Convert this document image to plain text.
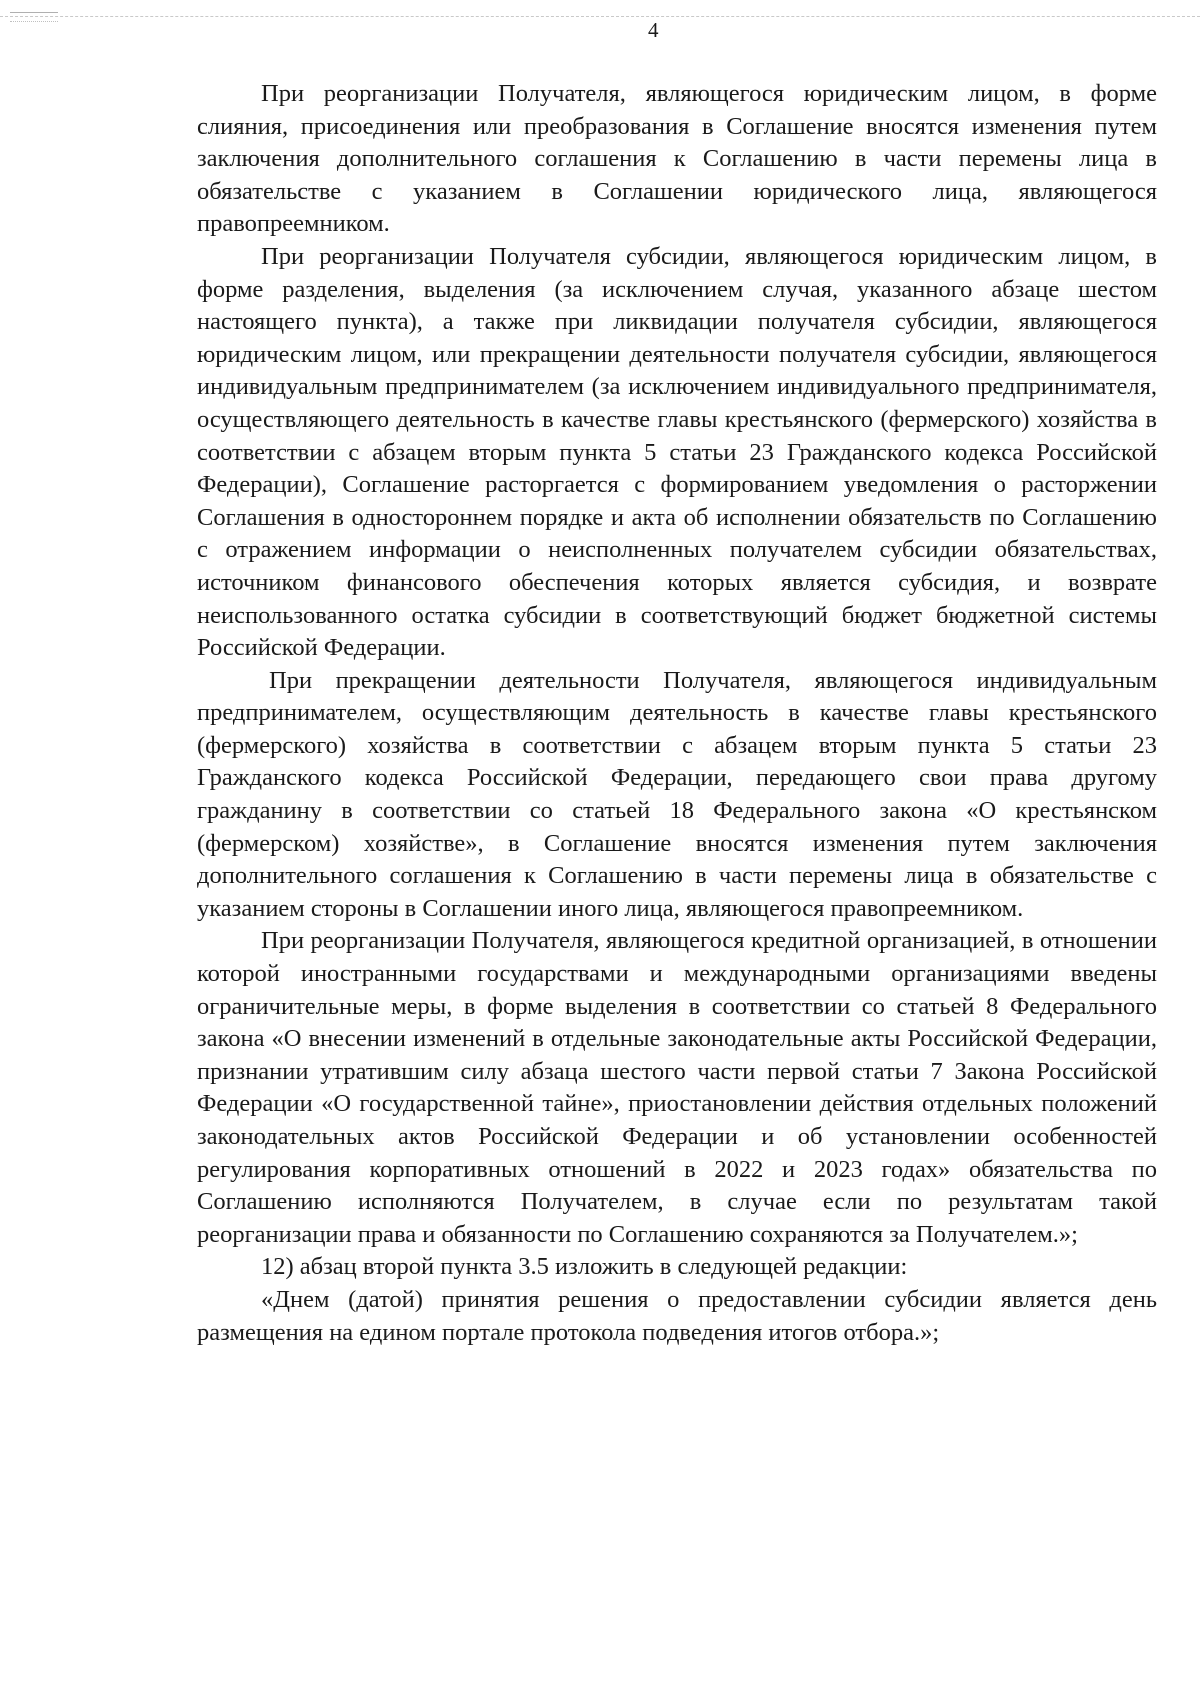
4

При реорганизации Получателя, являющегося юридическим лицом, в форме слияния, присоединения или преобразования в Соглашение вносятся изменения путем заключения дополнительного соглашения к Соглашению в части перемены лица в обязательстве с указанием в Соглашении юридического лица, являющегося правопреемником.

При реорганизации Получателя субсидии, являющегося юридическим лицом, в форме разделения, выделения (за исключением случая, указанного абзаце шестом настоящего пункта), а также при ликвидации получателя субсидии, являющегося юридическим лицом, или прекращении деятельности получателя субсидии, являющегося индивидуальным предпринимателем (за исключением индивидуального предпринимателя, осуществляющего деятельность в качестве главы крестьянского (фермерского) хозяйства в соответствии с абзацем вторым пункта 5 статьи 23 Гражданского кодекса Российской Федерации), Соглашение расторгается с формированием уведомления о расторжении Соглашения в одностороннем порядке и акта об исполнении обязательств по Соглашению с отражением информации о неисполненных получателем субсидии обязательствах, источником финансового обеспечения которых является субсидия, и возврате неиспользованного остатка субсидии в соответствующий бюджет бюджетной системы Российской Федерации.

При прекращении деятельности Получателя, являющегося индивидуальным предпринимателем, осуществляющим деятельность в качестве главы крестьянского (фермерского) хозяйства в соответствии с абзацем вторым пункта 5 статьи 23 Гражданского кодекса Российской Федерации, передающего свои права другому гражданину в соответствии со статьей 18 Федерального закона «О крестьянском (фермерском) хозяйстве», в Соглашение вносятся изменения путем заключения дополнительного соглашения к Соглашению в части перемены лица в обязательстве с указанием стороны в Соглашении иного лица, являющегося правопреемником.

При реорганизации Получателя, являющегося кредитной организацией, в отношении которой иностранными государствами и международными организациями введены ограничительные меры, в форме выделения в соответствии со статьей 8 Федерального закона «О внесении изменений в отдельные законодательные акты Российской Федерации, признании утратившим силу абзаца шестого части первой статьи 7 Закона Российской Федерации «О государственной тайне», приостановлении действия отдельных положений законодательных актов Российской Федерации и об установлении особенностей регулирования корпоративных отношений в 2022 и 2023 годах» обязательства по Соглашению исполняются Получателем, в случае если по результатам такой реорганизации права и обязанности по Соглашению сохраняются за Получателем.»;

12) абзац второй пункта 3.5 изложить в следующей редакции:

«Днем (датой) принятия решения о предоставлении субсидии является день размещения на едином портале протокола подведения итогов отбора.»;
